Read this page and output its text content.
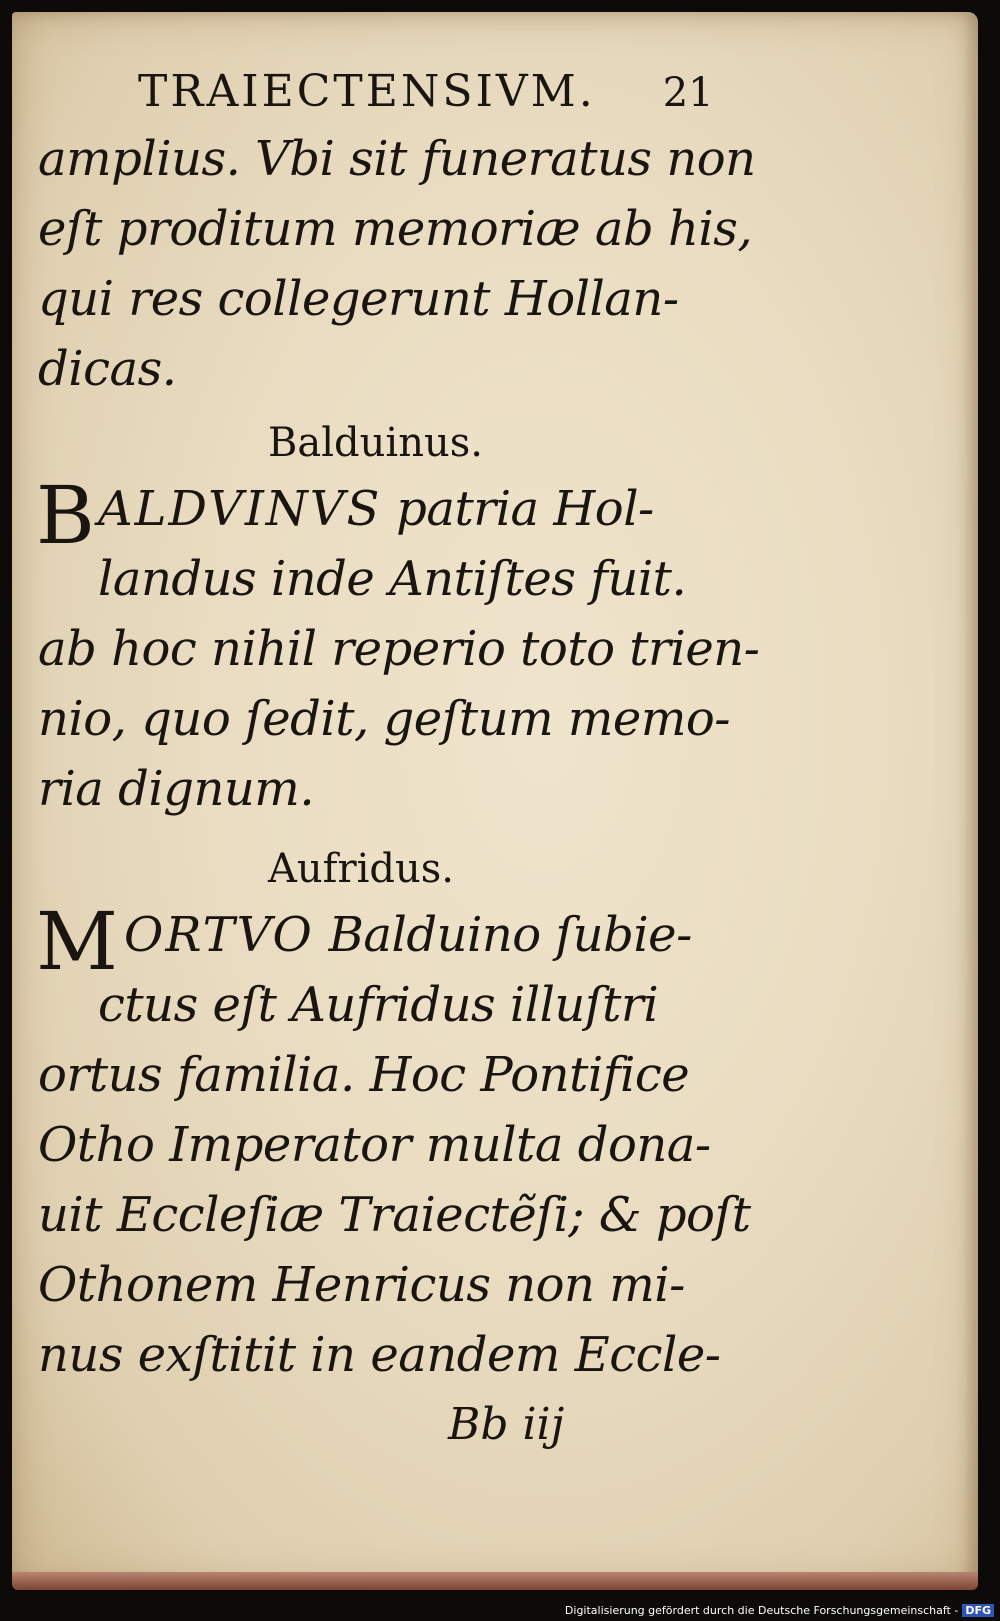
TRAIECTENSIVM. 21
amplius. Vbi sit funeratus non
eſt proditum memoriæ ab his,
qui res collegerunt Hollan-
dicas.
Balduinus.
B ALDVINVS patria Hol-
landus inde Antiſtes fuit.
ab hoc nihil reperio toto trien-
nio, quo ſedit, geſtum memo-
ria dignum.
Aufridus.
M ORTVO Balduino ſubie-
ctus eſt Aufridus illuſtri
ortus familia. Hoc Pontifice
Otho Imperator multa dona-
uit Eccleſiæ Traiectẽſi; & poſt
Othonem Henricus non mi-
nus exſtitit in eandem Eccle-
Bb iij
Digitalisierung gefördert durch die Deutsche Forschungsgemeinschaft - DFG
